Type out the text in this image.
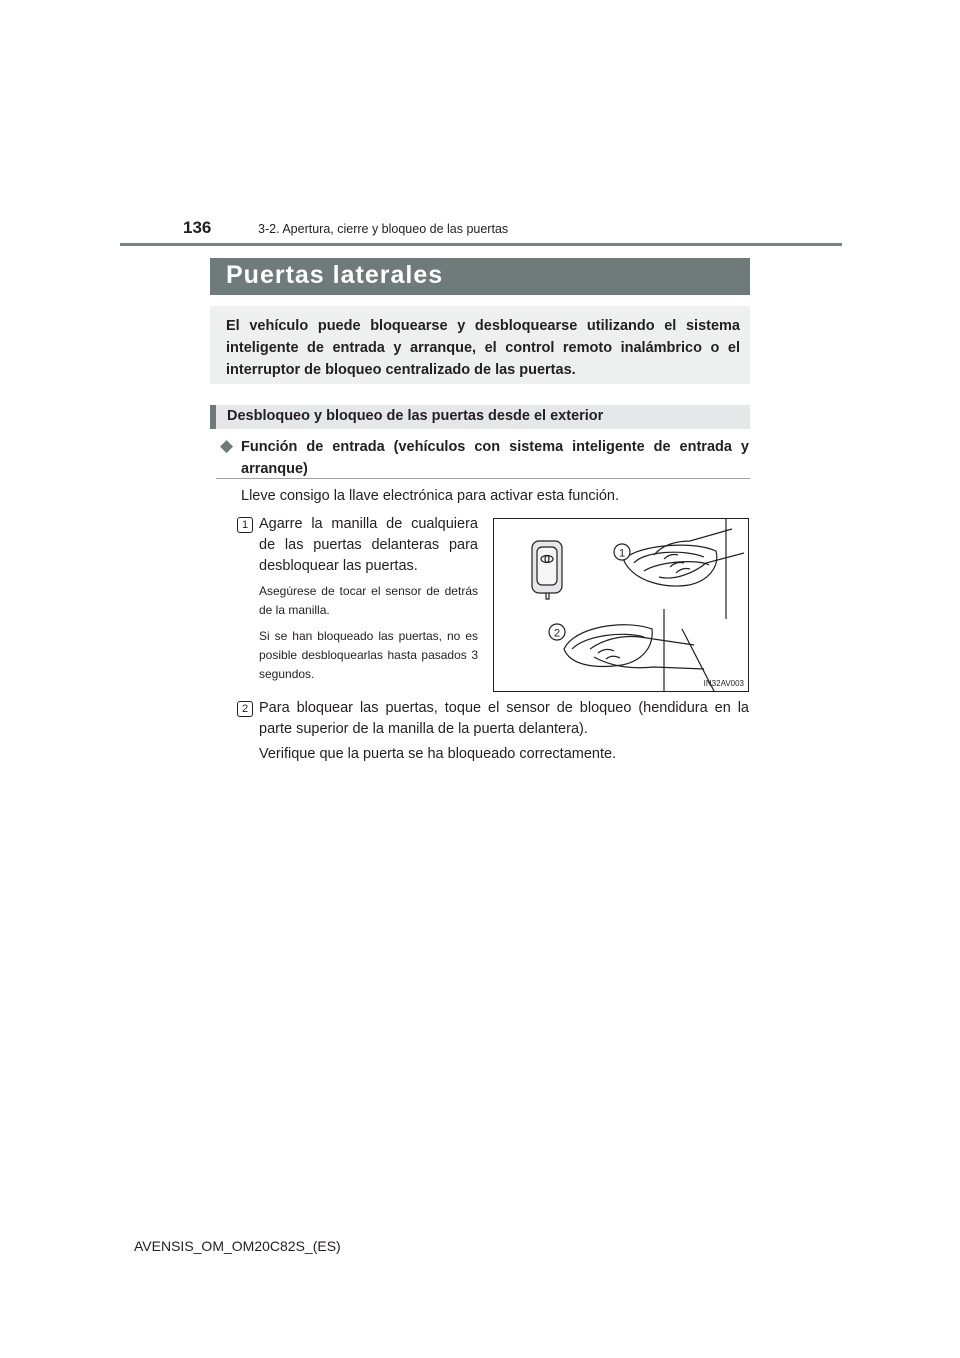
136	3-2. Apertura, cierre y bloqueo de las puertas
Puertas laterales
El vehículo puede bloquearse y desbloquearse utilizando el sistema inteligente de entrada y arranque, el control remoto inalámbrico o el interruptor de bloqueo centralizado de las puertas.
Desbloqueo y bloqueo de las puertas desde el exterior
◆ Función de entrada (vehículos con sistema inteligente de entrada y arranque)
Lleve consigo la llave electrónica para activar esta función.
1 Agarre la manilla de cualquiera de las puertas delanteras para desbloquear las puertas.
Asegúrese de tocar el sensor de detrás de la manilla.
Si se han bloqueado las puertas, no es posible desbloquearlas hasta pasados 3 segundos.
1
2
IN32AV003
2 Para bloquear las puertas, toque el sensor de bloqueo (hendidura en la parte superior de la manilla de la puerta delantera).
Verifique que la puerta se ha bloqueado correctamente.
AVENSIS_OM_OM20C82S_(ES)
